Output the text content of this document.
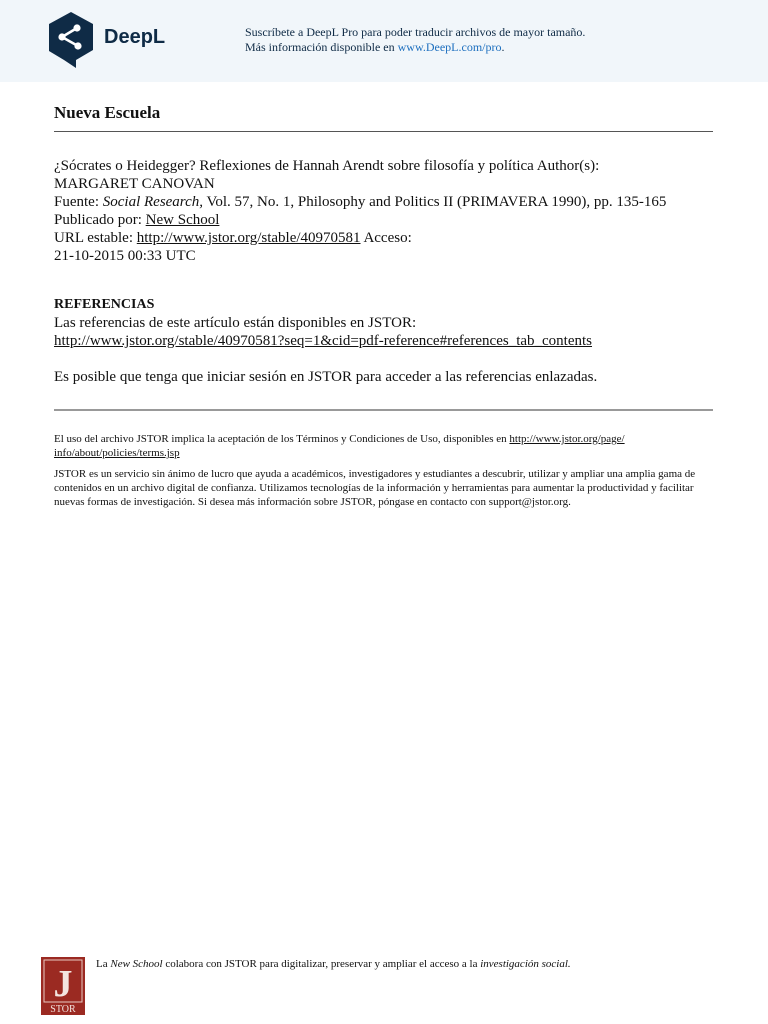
DeepL	Suscríbete a DeepL Pro para poder traducir archivos de mayor tamaño.
Más información disponible en www.DeepL.com/pro.
Nueva Escuela
¿Sócrates o Heidegger? Reflexiones de Hannah Arendt sobre filosofía y política Author(s):
MARGARET CANOVAN
Fuente: Social Research, Vol. 57, No. 1, Philosophy and Politics II (PRIMAVERA 1990), pp. 135-165
Publicado por: New School
URL estable: http://www.jstor.org/stable/40970581 Acceso:
21-10-2015 00:33 UTC
REFERENCIAS
Las referencias de este artículo están disponibles en JSTOR:
http://www.jstor.org/stable/40970581?seq=1&cid=pdf-reference#references_tab_contents
Es posible que tenga que iniciar sesión en JSTOR para acceder a las referencias enlazadas.

El uso del archivo JSTOR implica la aceptación de los Términos y Condiciones de Uso, disponibles en http://www.jstor.org/page/ info/about/policies/terms.jsp

JSTOR es un servicio sin ánimo de lucro que ayuda a académicos, investigadores y estudiantes a descubrir, utilizar y ampliar una amplia gama de contenidos en un archivo digital de confianza. Utilizamos tecnologías de la información y herramientas para aumentar la productividad y facilitar nuevas formas de investigación. Si desea más información sobre JSTOR, póngase en contacto con support@jstor.org.

J
STOR
La New School colabora con JSTOR para digitalizar, preservar y ampliar el acceso a la investigación social.
